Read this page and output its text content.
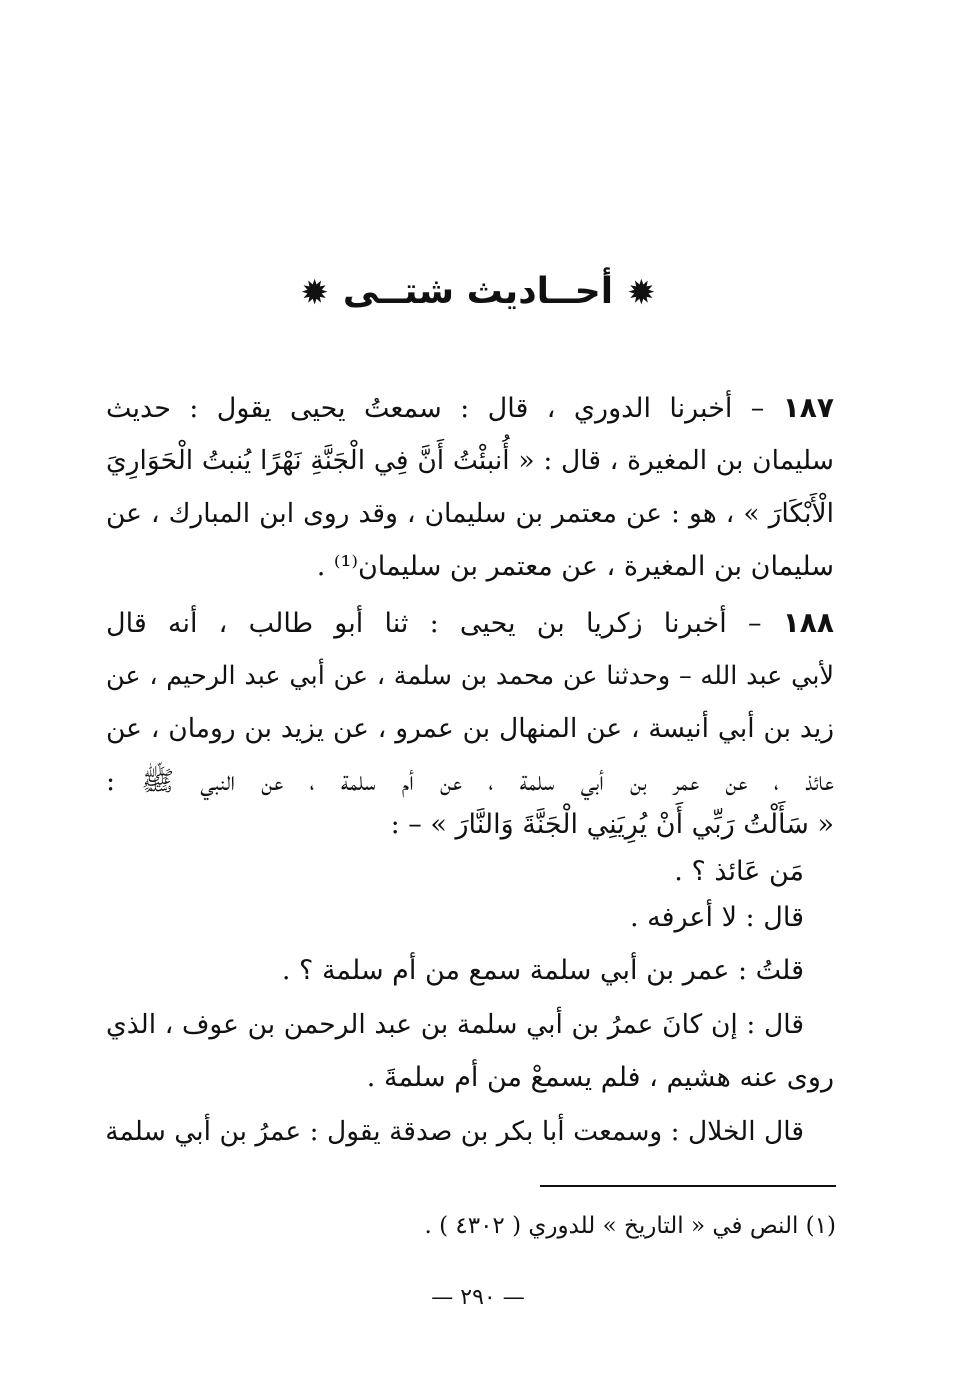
✹أحــاديث شتــى✹
١٨٧ – أخبرنا الدوري ، قال : سمعتُ يحيى يقول : حديث
سليمان بن المغيرة ، قال : « أُنبئْتُ أَنَّ فِي الْجَنَّةِ نَهْرًا يُنبتُ الْحَوَارِيَ
الْأَبْكَارَ » ، هو : عن معتمر بن سليمان ، وقد روى ابن المبارك ، عن
سليمان بن المغيرة ، عن معتمر بن سليمان⁽¹⁾ .
١٨٨ – أخبرنا زكريا بن يحيى : ثنا أبو طالب ، أنه قال
لأبي عبد الله – وحدثنا عن محمد بن سلمة ، عن أبي عبد الرحيم ، عن
زيد بن أبي أنيسة ، عن المنهال بن عمرو ، عن يزيد بن رومان ، عن
عائذ ، عن عمر بن أبي سلمة ، عن أم سلمة ، عن النبي ﷺ :
« سَأَلْتُ رَبِّي أَنْ يُرِيَنِي الْجَنَّةَ وَالنَّارَ » – :
مَن عَائذ ؟ .
قال : لا أعرفه .
قلتُ : عمر بن أبي سلمة سمع من أم سلمة ؟ .
قال : إن كانَ عمرُ بن أبي سلمة بن عبد الرحمن بن عوف ، الذي
روى عنه هشيم ، فلم يسمعْ من أم سلمةَ .
قال الخلال : وسمعت أبا بكر بن صدقة يقول : عمرُ بن أبي سلمة
(١) النص في « التاريخ » للدوري ( ٤٣٠٢ ) .
— ٢٩٠ —
